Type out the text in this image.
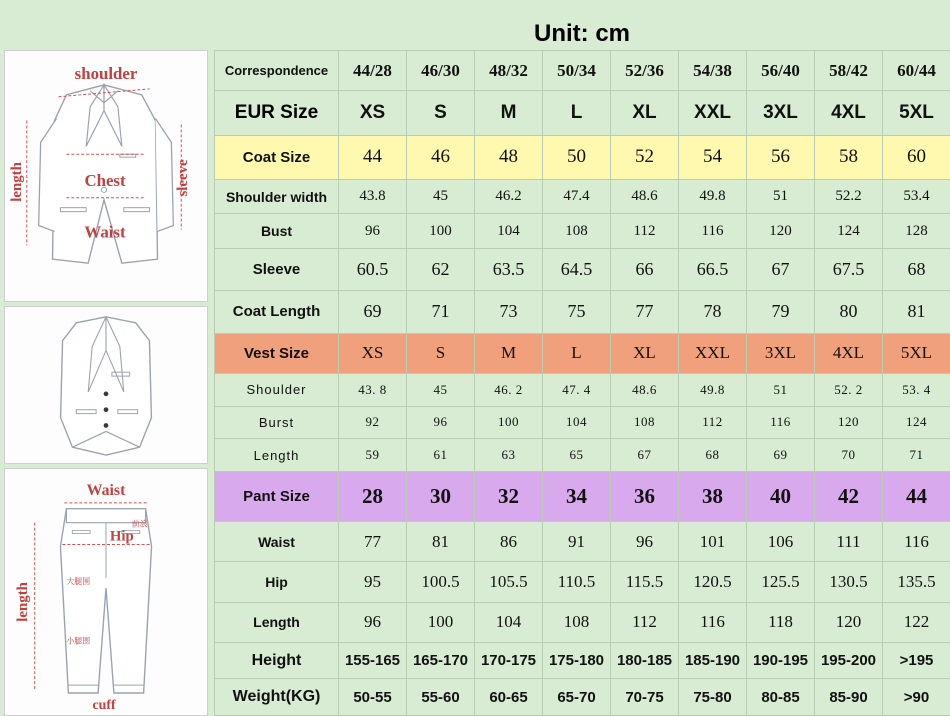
Unit: cm
shoulder
length	sleeve
Chest
Waist
Waist
length
Hip
cuff
大腿围
小腿围
前浪
Correspondence	44/28	46/30	48/32	50/34	52/36	54/38	56/40	58/42	60/44
EUR Size	XS	S	M	L	XL	XXL	3XL	4XL	5XL
Coat Size	44	46	48	50	52	54	56	58	60
Shoulder width	43.8	45	46.2	47.4	48.6	49.8	51	52.2	53.4
Bust	96	100	104	108	112	116	120	124	128
Sleeve	60.5	62	63.5	64.5	66	66.5	67	67.5	68
Coat Length	69	71	73	75	77	78	79	80	81
Vest Size	XS	S	M	L	XL	XXL	3XL	4XL	5XL
Shoulder	43. 8	45	46. 2	47. 4	48.6	49.8	51	52. 2	53. 4
Burst	92	96	100	104	108	112	116	120	124
Length	59	61	63	65	67	68	69	70	71
Pant Size	28	30	32	34	36	38	40	42	44
Waist	77	81	86	91	96	101	106	111	116
Hip	95	100.5	105.5	110.5	115.5	120.5	125.5	130.5	135.5
Length	96	100	104	108	112	116	118	120	122
Height	155-165	165-170	170-175	175-180	180-185	185-190	190-195	195-200	>195
Weight(KG)	50-55	55-60	60-65	65-70	70-75	75-80	80-85	85-90	>90
